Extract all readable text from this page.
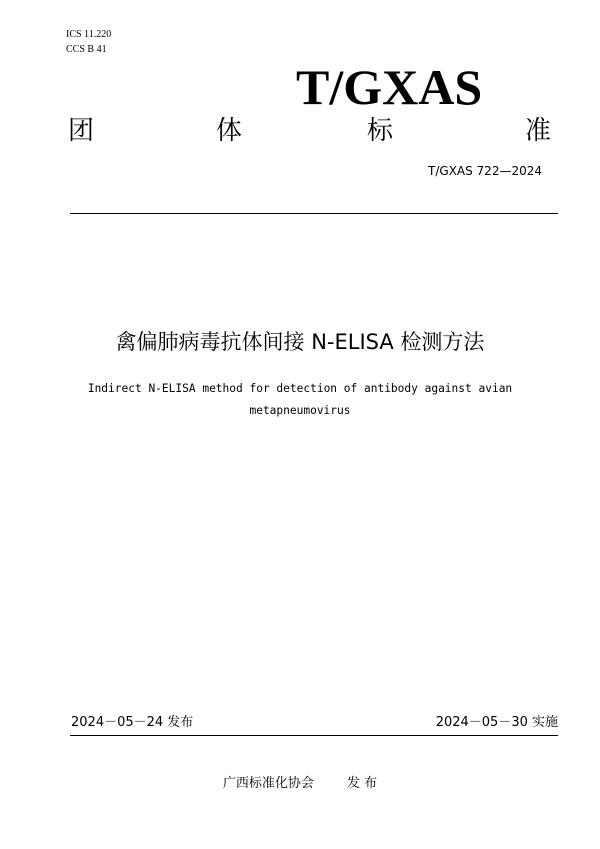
ICS 11.220
CCS B 41
T/GXAS
团	体	标	准
T/GXAS 722—2024
禽偏肺病毒抗体间接 N-ELISA 检测方法
Indirect N-ELISA method for detection of antibody against avian metapneumovirus
2024－05－24 发布	2024－05－30 实施
广西标准化协会        发 布
